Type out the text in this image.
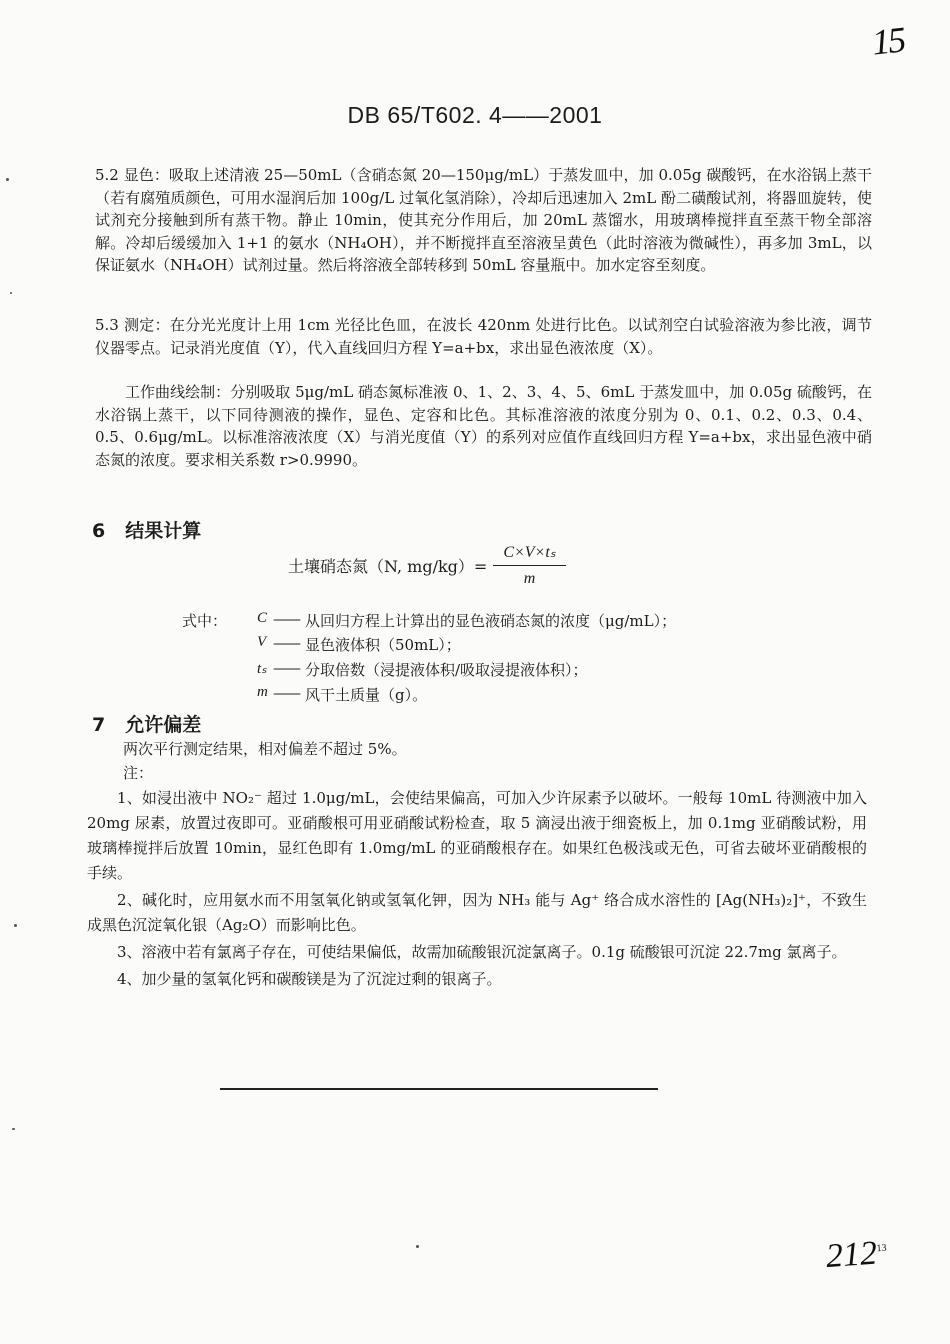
15
DB 65/T602. 4——2001
5.2 显色：吸取上述清液 25—50mL（含硝态氮 20—150μg/mL）于蒸发皿中，加 0.05g 碳酸钙，在水浴锅上蒸干（若有腐殖质颜色，可用水湿润后加 100g/L 过氧化氢消除），冷却后迅速加入 2mL 酚二磺酸试剂，将器皿旋转，使试剂充分接触到所有蒸干物。静止 10min，使其充分作用后，加 20mL 蒸馏水，用玻璃棒搅拌直至蒸干物全部溶解。冷却后缓缓加入 1+1 的氨水（NH₄OH），并不断搅拌直至溶液呈黄色（此时溶液为微碱性），再多加 3mL，以保证氨水（NH₄OH）试剂过量。然后将溶液全部转移到 50mL 容量瓶中。加水定容至刻度。
5.3 测定：在分光光度计上用 1cm 光径比色皿，在波长 420nm 处进行比色。以试剂空白试验溶液为参比液，调节仪器零点。记录消光度值（Y），代入直线回归方程 Y=a+bx，求出显色液浓度（X）。
工作曲线绘制：分别吸取 5μg/mL 硝态氮标准液 0、1、2、3、4、5、6mL 于蒸发皿中，加 0.05g 硫酸钙，在水浴锅上蒸干，以下同待测液的操作，显色、定容和比色。其标准溶液的浓度分别为 0、0.1、0.2、0.3、0.4、0.5、0.6μg/mL。以标准溶液浓度（X）与消光度值（Y）的系列对应值作直线回归方程 Y=a+bx，求出显色液中硝态氮的浓度。要求相关系数 r>0.9990。
6 结果计算
土壤硝态氮（N, $mg/kg)= \frac{\text{C×V×tₛ}}{m}$
式中： C —— 从回归方程上计算出的显色液硝态氮的浓度（μg/mL）；
V —— 显色液体积（50mL）；
tₛ —— 分取倍数（浸提液体积/吸取浸提液体积）；
m —— 风干土质量（g）。
7 允许偏差
两次平行测定结果，相对偏差不超过 5%。
注：

1、如浸出液中 NO₂⁻ 超过 1.0μg/mL，会使结果偏高，可加入少许尿素予以破坏。一般每 10mL 待测液中加入 20mg 尿素，放置过夜即可。亚硝酸根可用亚硝酸试粉检查，取 5 滴浸出液于细瓷板上，加 0.1mg 亚硝酸试粉，用玻璃棒搅拌后放置 10min，显红色即有 1.0mg/mL 的亚硝酸根存在。如果红色极浅或无色，可省去破坏亚硝酸根的手续。

2、碱化时，应用氨水而不用氢氧化钠或氢氧化钾，因为 NH₃ 能与 Ag⁺ 络合成水溶性的 [Ag(NH₃)₂]⁺，不致生成黑色沉淀氧化银（Ag₂O）而影响比色。

3、溶液中若有氯离子存在，可使结果偏低，故需加硫酸银沉淀氯离子。0.1g 硫酸银可沉淀 22.7mg 氯离子。

4、加少量的氢氧化钙和碳酸镁是为了沉淀过剩的银离子。

$212^{13}$
